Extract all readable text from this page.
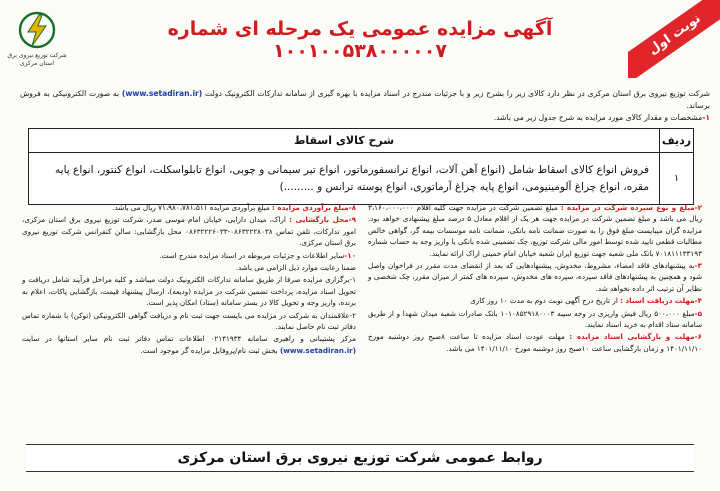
نوبت اول
شرکت توزیع نیروی برق
استان مرکزی
آگهی مزایده عمومی یک مرحله ای شماره ۱۰۰۱۰۰۵۳۸۰۰۰۰۰۷
شرکت توزیع نیروی برق استان مرکزی در نظر دارد کالای زیر را بشرح زیر و با جزئیات مندرج در اسناد مزایده با بهره گیری از سامانه تدارکات الکترونیک دولت (www.setadiran.ir) به صورت الکترونیکی به فروش برساند.
۱-مشخصات و مقدار کالای مورد مزایده به شرح جدول زیر می باشد.
ردیف	شرح کالای اسقاط
۱	فروش انواع کالای اسقاط شامل (انواع آهن آلات، انواع ترانسفورماتور، انواع تیر سیمانی و چوبی، انواع تابلواسکلت، انواع کنتور، انواع پایه مقره، انواع چراغ آلومینیومی، انواع پایه چراغ آرماتوری، انواع پوسته ترانس و .........)

۲-مبلغ و نوع سپرده شرکت در مزایده : مبلغ تضمین شرکت در مزایده جهت کلیه اقلام ۳،۱۶۰،۰۰۰،۰۰۰ ریال می باشد و مبلغ تضمین شرکت در مزایده جهت هر یک از اقلام معادل ۵ درصد مبلغ پیشنهادی خواهد بود. مزایده گران میبایست مبلغ فوق را به صورت ضمانت نامه بانکی، ضمانت نامه موسسات بیمه گر، گواهی خالص مطالبات قطعی تایید شده توسط امور مالی شرکت توزیع، چک تضمینی شده بانکی یا واریز وجه به حساب شماره ۷۰۱۸۱۱۱۳۳۱۹۳ بانک ملی شعبه جهت توزیع ایران شعبه خیابان امام خمینی اراک ارائه نمایند.

۳-به پیشنهادهای فاقد امضاء، مشروط، مخدوش، پیشنهادهایی که بعد از انقضای مدت مقرر در فراخوان واصل شود و همچنین به پیشنهادهای فاقد سپرده، سپرده های مخدوش، سپرده های کمتر از میزان مقرر، چک شخصی و نظایر آن ترتیب اثر داده نخواهد شد.

۴-مهلت دریافت اسناد : از تاریخ درج آگهی نوبت دوم به مدت ۱۰ روز کاری

۵-مبلغ ۵۰۰،۰۰۰ ریال فیش واریزی در وجه سیبه ۱۰۱۰۸۵۲۹۱۸۰۰۰۳ بانک صادرات شعبه میدان شهدا و از طریق سامانه ستاد اقدام به خرید اسناد نمایند.

۶-مهلت و بازگشایی اسناد مزایده : مهلت عودت اسناد مزایده تا ساعت ۸صبح روز دوشنبه مورخ ۱۴۰۱/۱۱/۱۰ و زمان بازگشایی ساعت ۱۰صبح روز دوشنبه مورخ ۱۴۰۱/۱۱/۱۰ می باشد.

۸-مبلغ برآوردی مزایده : مبلغ برآوردی مزایده ۷۱،۹۸۰،۷۸۱،۵۱۱ ریال می باشد.

۹-محل بازگشایی : اراک، میدان دارایی، خیابان امام موسی صدر، شرکت توزیع نیروی برق استان مرکزی، امور تدارکات، تلفن تماس ۰۸۶۳۲۲۲۸۰۳۸-۰۸۶۳۲۲۲۶۰۳۳ محل بازگشایی: سالن کنفرانس شرکت توزیع نیروی برق استان مرکزی.

۱۰-سایر اطلاعات و جزئیات مربوطه در اسناد مزایده مندرج است.

ضمنا رعایت موارد ذیل الزامی می باشد.

۱-برگزاری مزایده صرفا از طریق سامانه تدارکات الکترونیک دولت میباشد و کلیه مراحل فرآیند شامل دریافت و تحویل اسناد مزایده، پرداخت تضمین شرکت در مزایده (ودیعه)، ارسال پیشنهاد قیمت، بازگشایی پاکات، اعلام به برنده، واریز وجه و تحویل کالا در بستر سامانه (ستاد) امکان پذیر است.

۲-علاقمندان به شرکت در مزایده می بایست جهت ثبت نام و دریافت گواهی الکترونیکی (توکن) با شماره تماس دفاتر ثبت نام حاصل نمایند.

مرکز پشتیبانی و راهبری سامانه ۰۲۱۴۱۹۳۴ اطلاعات تماس دفاتر ثبت نام سایر استانها در سایت (www.setadiran.ir) بخش ثبت نام/پروفایل مزایده گر موجود است.

روابط عمومی شرکت توزیع نیروی برق استان مرکزی
